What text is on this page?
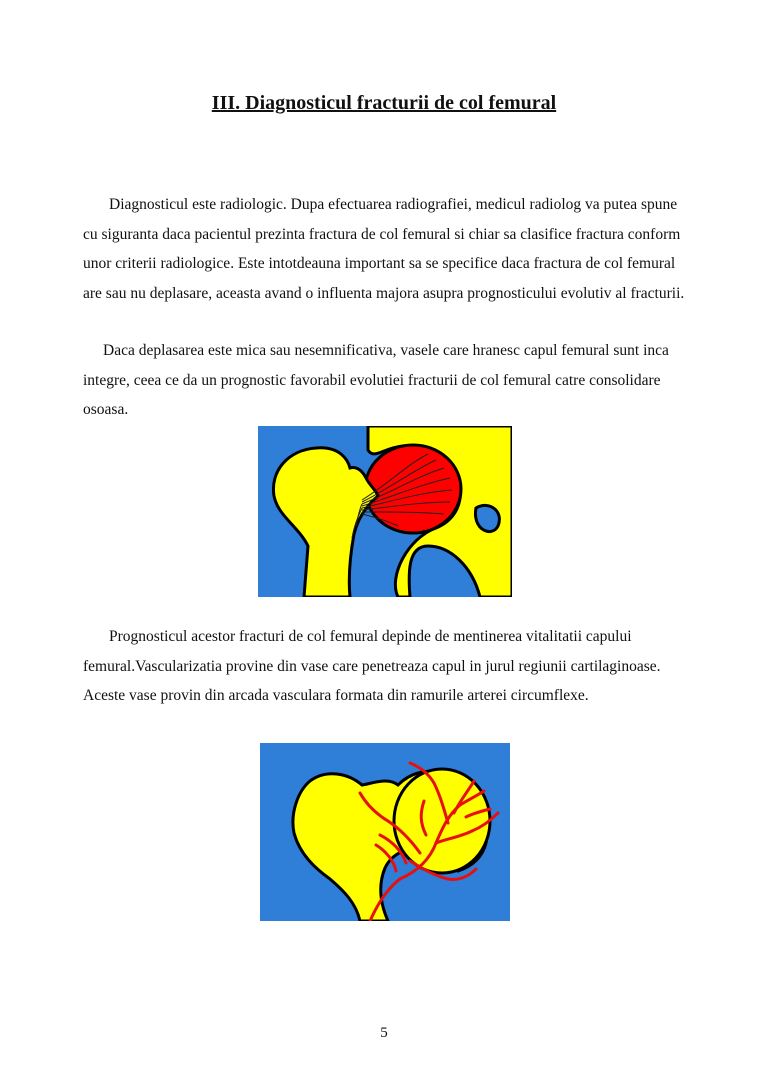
III. Diagnosticul fracturii de col femural

Diagnosticul este radiologic. Dupa efectuarea radiografiei, medicul radiolog va putea spune cu siguranta daca pacientul prezinta fractura de col femural si chiar sa clasifice fractura conform unor criterii radiologice. Este intotdeauna important sa se specifice daca fractura de col femural are sau nu deplasare, aceasta avand o influenta majora asupra prognosticului evolutiv al fracturii.

Daca deplasarea este mica sau nesemnificativa, vasele care hranesc capul femural sunt inca integre, ceea ce da un prognostic favorabil evolutiei fracturii de col femural catre consolidare osoasa.

Prognosticul acestor fracturi de col femural depinde de mentinerea vitalitatii capului femural.Vascularizatia provine din vase care penetreaza capul in jurul regiunii cartilaginoase. Aceste vase provin din arcada vasculara formata din ramurile arterei circumflexe.

5
